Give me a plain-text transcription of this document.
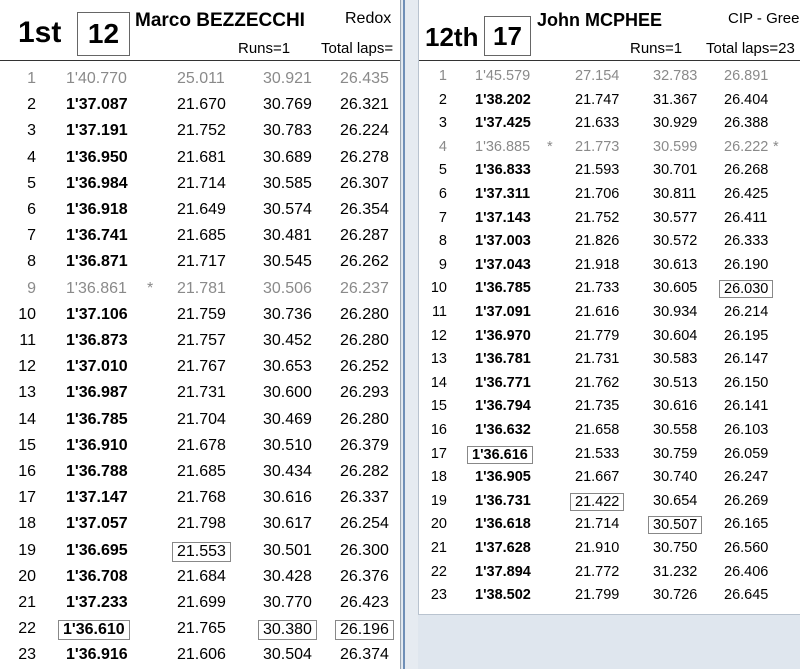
1st 12 Marco BEZZECCHI	Redox
Runs=1 Total laps=
1 1'40.770	25.011 30.921 26.435
2 1'37.087	21.670 30.769 26.321
3 1'37.191	21.752 30.783 26.224
4 1'36.950	21.681 30.689 26.278
5 1'36.984	21.714 30.585 26.307
6 1'36.918	21.649 30.574 26.354
7 1'36.741	21.685 30.481 26.287
8 1'36.871	21.717 30.545 26.262
9 1'36.861 * 21.781 30.506 26.237
10 1'37.106	21.759 30.736 26.280
11 1'36.873	21.757 30.452 26.280
12 1'37.010	21.767 30.653 26.252
13 1'36.987	21.731 30.600 26.293
14 1'36.785	21.704 30.469 26.280
15 1'36.910	21.678 30.510 26.379
16 1'36.788	21.685 30.434 26.282
17 1'37.147	21.768 30.616 26.337
18 1'37.057	21.798 30.617 26.254
19 1'36.695	21.553	30.501 26.300
20 1'36.708	21.684 30.428 26.376
21 1'37.233	21.699 30.770 26.423
22	1'36.610	21.765	30.380	26.196
23 1'36.916	21.606 30.504 26.374
12th 17
John MCPHEE	CIP - Gree
Runs=1 Total laps=23
1 1'45.579	27.154 32.783 26.891
2 1'38.202	21.747 31.367 26.404
3 1'37.425	21.633 30.929 26.388
4 1'36.885 * 21.773 30.599 26.222 *
5 1'36.833	21.593 30.701 26.268
6 1'37.311	21.706 30.811 26.425
7 1'37.143	21.752 30.577 26.411
8 1'37.003	21.826 30.572 26.333
9 1'37.043	21.918 30.613 26.190
10 1'36.785	21.733 30.605	26.030
11 1'37.091	21.616 30.934 26.214
12 1'36.970	21.779 30.604 26.195
13 1'36.781	21.731 30.583 26.147
14 1'36.771	21.762 30.513 26.150
15 1'36.794	21.735 30.616 26.141
16 1'36.632	21.658 30.558 26.103
17	1'36.616	21.533 30.759 26.059
18 1'36.905	21.667 30.740 26.247
19 1'36.731	21.422	30.654 26.269
20 1'36.618	21.714	30.507	26.165
21 1'37.628	21.910 30.750 26.560
22 1'37.894	21.772 31.232 26.406
23 1'38.502	21.799 30.726 26.645
